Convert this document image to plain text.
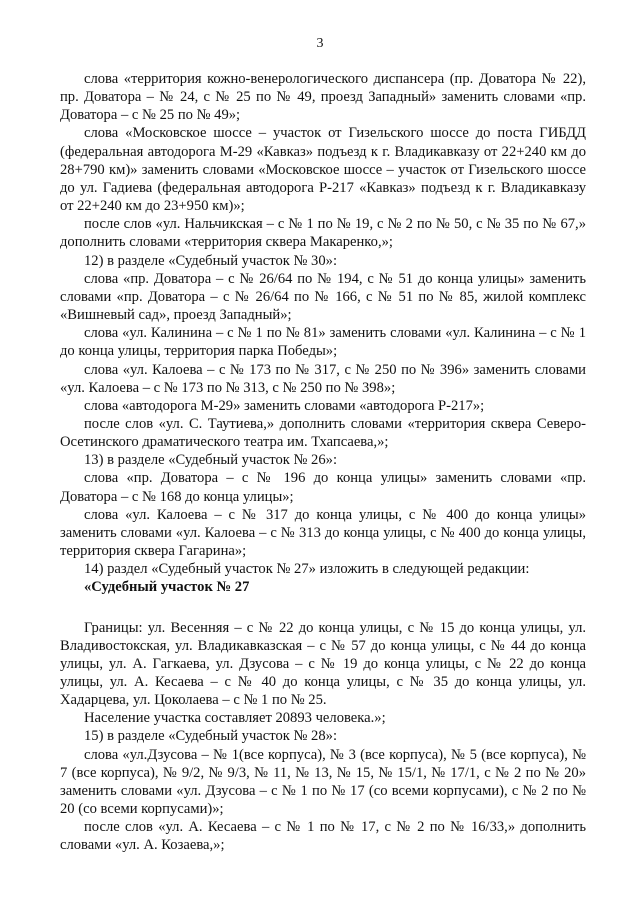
3

слова «территория кожно-венерологического диспансера (пр. Доватора № 22), пр. Доватора – № 24, с № 25 по № 49, проезд Западный» заменить словами «пр. Доватора – с № 25 по № 49»;

слова «Московское шоссе – участок от Гизельского шоссе до поста ГИБДД (федеральная автодорога М-29 «Кавказ» подъезд к г. Владикавказу от 22+240 км до 28+790 км)» заменить словами «Московское шоссе – участок от Гизельского шоссе до ул. Гадиева (федеральная автодорога Р-217 «Кавказ» подъезд к г. Владикавказу от 22+240 км до 23+950 км)»;

после слов «ул. Нальчикская – с № 1 по № 19, с № 2 по № 50, с № 35 по № 67,» дополнить словами «территория сквера Макаренко,»;

12) в разделе «Судебный участок № 30»:

слова «пр. Доватора – с № 26/64 по № 194, с № 51 до конца улицы» заменить словами «пр. Доватора – с № 26/64 по № 166, с № 51 по № 85, жилой комплекс «Вишневый сад», проезд Западный»;

слова «ул. Калинина – с № 1 по № 81» заменить словами «ул. Калинина – с № 1 до конца улицы, территория парка Победы»;

слова «ул. Калоева – с № 173 по № 317, с № 250 по № 396» заменить словами «ул. Калоева – с № 173 по № 313, с № 250 по № 398»;

слова «автодорога М-29» заменить словами «автодорога Р-217»;

после слов «ул. С. Таутиева,» дополнить словами «территория сквера Северо-Осетинского драматического театра им. Тхапсаева,»;

13) в разделе «Судебный участок № 26»:

слова «пр. Доватора – с № 196 до конца улицы» заменить словами «пр. Доватора – с № 168 до конца улицы»;

слова «ул. Калоева – с № 317 до конца улицы, с № 400 до конца улицы» заменить словами «ул. Калоева – с № 313 до конца улицы, с № 400 до конца улицы, территория сквера Гагарина»;

14) раздел «Судебный участок № 27» изложить в следующей редакции:

«Судебный участок № 27

Границы: ул. Весенняя – с № 22 до конца улицы, с № 15 до конца улицы, ул. Владивостокская, ул. Владикавказская – с № 57 до конца улицы, с № 44 до конца улицы, ул. А. Гагкаева, ул. Дзусова – с № 19 до конца улицы, с № 22 до конца улицы, ул. А. Кесаева – с № 40 до конца улицы, с № 35 до конца улицы, ул. Хадарцева, ул. Цоколаева – с № 1 по № 25.

Население участка составляет 20893 человека.»;

15) в разделе «Судебный участок № 28»:

слова «ул.Дзусова – № 1(все корпуса), № 3 (все корпуса), № 5 (все корпуса), № 7 (все корпуса), № 9/2, № 9/3, № 11, № 13, № 15, № 15/1, № 17/1, с № 2 по № 20» заменить словами «ул. Дзусова – с № 1 по № 17 (со всеми корпусами), с № 2 по № 20 (со всеми корпусами)»;

после слов «ул. А. Кесаева – с № 1 по № 17, с № 2 по № 16/33,» дополнить словами «ул. А. Козаева,»;
